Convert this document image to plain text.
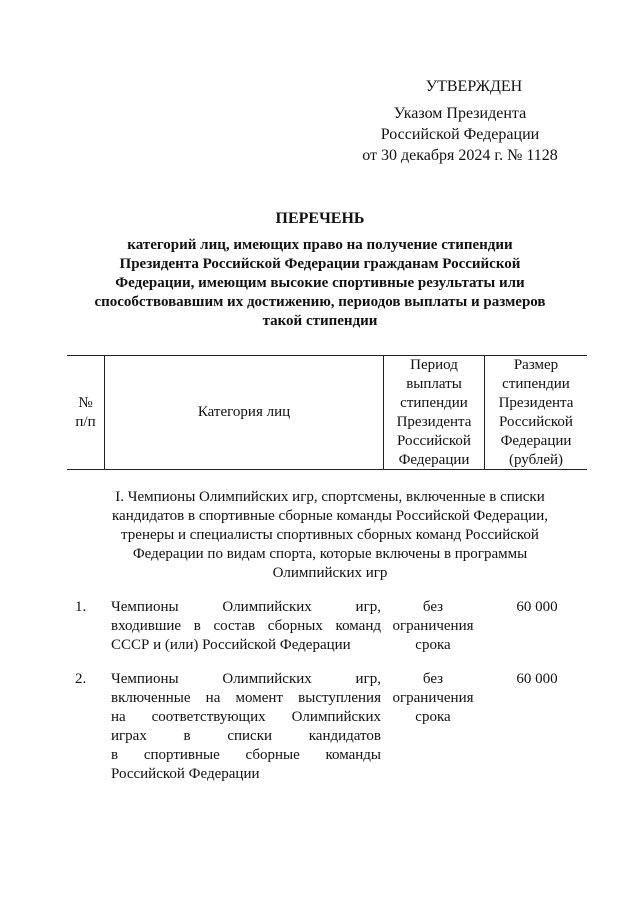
УТВЕРЖДЕН
Указом Президента
Российской Федерации
от 30 декабря 2024 г. № 1128
ПЕРЕЧЕНЬ
категорий лиц, имеющих право на получение стипендии
Президента Российской Федерации гражданам Российской
Федерации, имеющим высокие спортивные результаты или
способствовавшим их достижению, периодов выплаты и размеров
такой стипендии
№
п/п
Категория лиц
Период
выплаты
стипендии
Президента
Российской
Федерации
Размер
стипендии
Президента
Российской
Федерации
(рублей)
I. Чемпионы Олимпийских игр, спортсмены, включенные в списки
кандидатов в спортивные сборные команды Российской Федерации,
тренеры и специалисты спортивных сборных команд Российской
Федерации по видам спорта, которые включены в программы
Олимпийских игр
1. Чемпионы Олимпийских игр,
входившие в состав сборных команд
СССР и (или) Российской Федерации
без
ограничения
срока
60 000
2. Чемпионы Олимпийских игр,
включенные на момент выступления
на соответствующих Олимпийских
играх в списки кандидатов
в спортивные сборные команды
Российской Федерации
без
ограничения
срока
60 000
